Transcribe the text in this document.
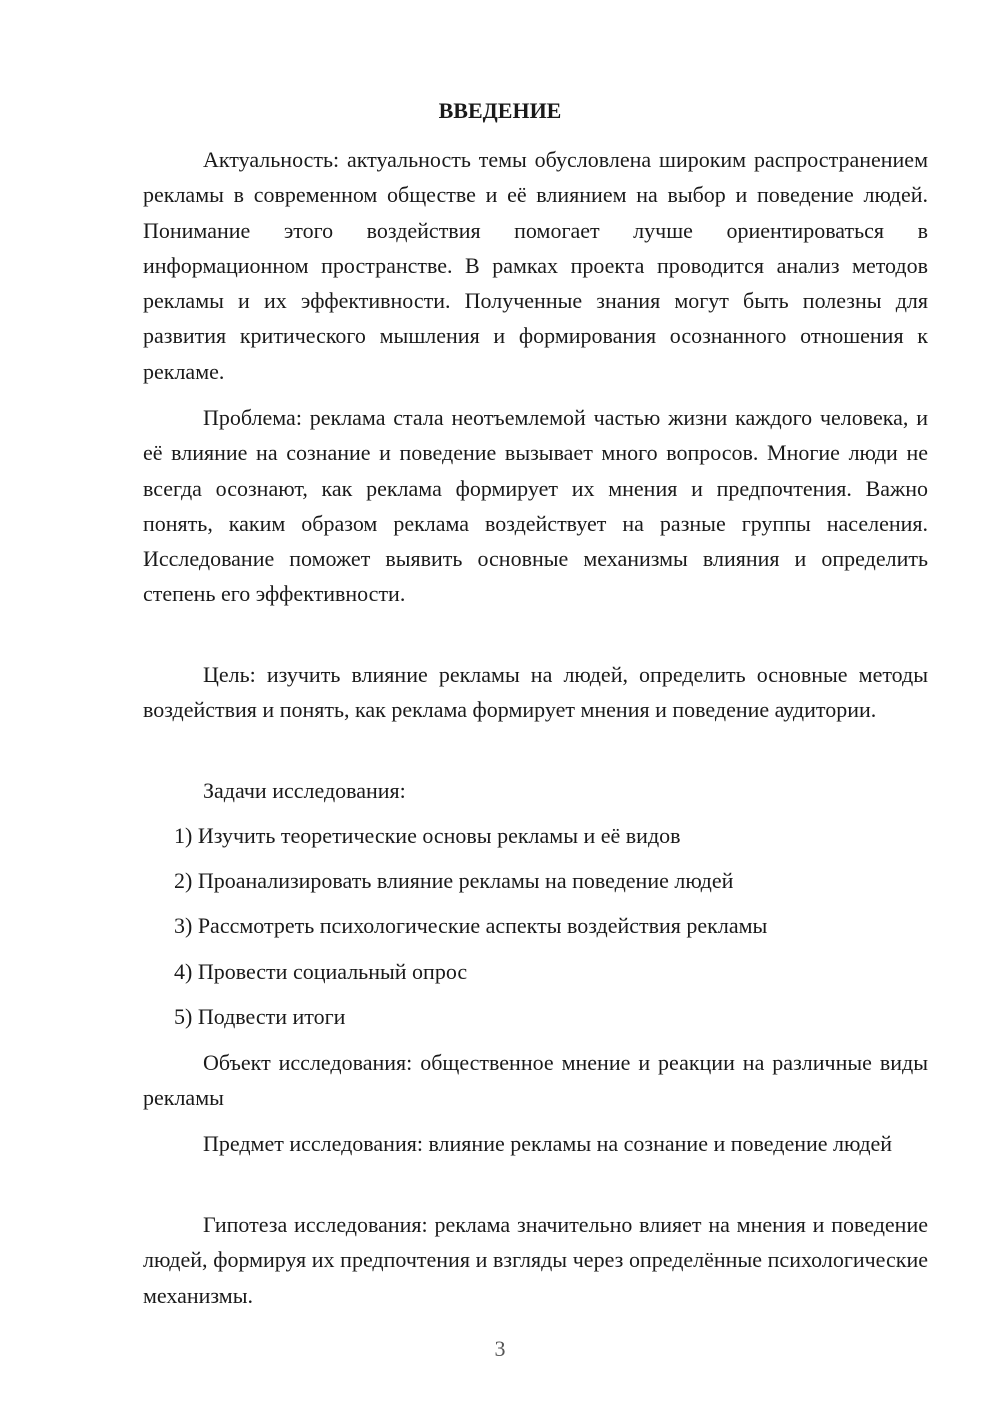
ВВЕДЕНИЕ

Актуальность: актуальность темы обусловлена широким распространением рекламы в современном обществе и её влиянием на выбор и поведение людей. Понимание этого воздействия помогает лучше ориентироваться в информационном пространстве. В рамках проекта проводится анализ методов рекламы и их эффективности. Полученные знания могут быть полезны для развития критического мышления и формирования осознанного отношения к рекламе.

Проблема: реклама стала неотъемлемой частью жизни каждого человека, и её влияние на сознание и поведение вызывает много вопросов. Многие люди не всегда осознают, как реклама формирует их мнения и предпочтения. Важно понять, каким образом реклама воздействует на разные группы населения. Исследование поможет выявить основные механизмы влияния и определить степень его эффективности.

Цель: изучить влияние рекламы на людей, определить основные методы воздействия и понять, как реклама формирует мнения и поведение аудитории.

Задачи исследования:

1) Изучить теоретические основы рекламы и её видов

2) Проанализировать влияние рекламы на поведение людей

3) Рассмотреть психологические аспекты воздействия рекламы

4) Провести социальный опрос

5) Подвести итоги

Объект исследования: общественное мнение и реакции на различные виды рекламы

Предмет исследования: влияние рекламы на сознание и поведение людей

Гипотеза исследования: реклама значительно влияет на мнения и поведение людей, формируя их предпочтения и взгляды через определённые психологические механизмы.

3
